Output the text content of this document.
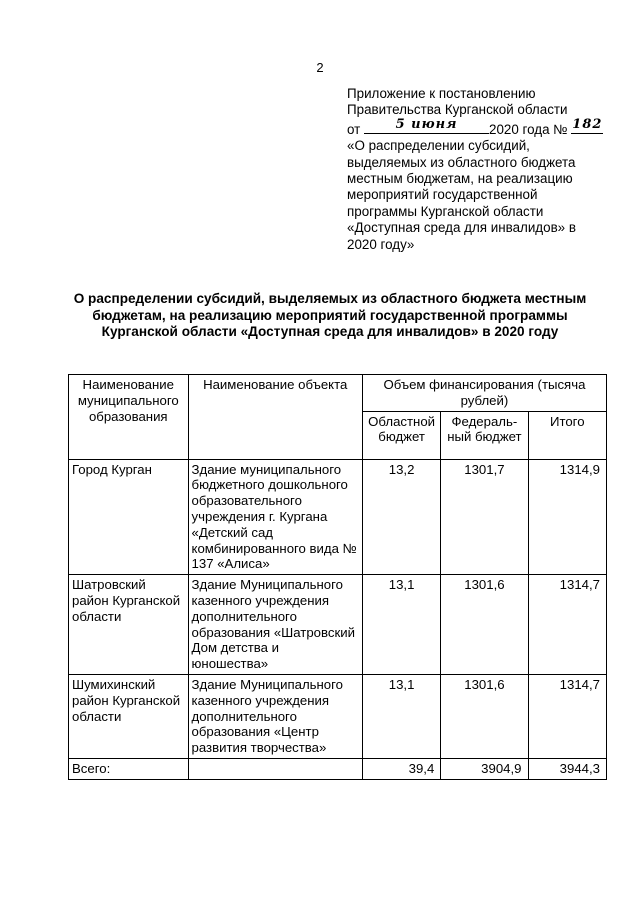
2
Приложение к постановлению
Правительства Курганской области
от	5 июня	2020 года № 182
«О распределении субсидий,
выделяемых из областного бюджета
местным бюджетам, на реализацию
мероприятий государственной
программы Курганской области
«Доступная среда для инвалидов» в
2020 году»
О распределении субсидий, выделяемых из областного бюджета местным
бюджетам, на реализацию мероприятий государственной программы
Курганской области «Доступная среда для инвалидов» в 2020 году
Наименование муниципального образования	Наименование объекта	Объем финансирования (тысяча рублей)		
		Областной бюджет	Федераль-ный бюджет	Итого
Город Курган	Здание муниципального бюджетного дошкольного образовательного учреждения г. Кургана «Детский сад комбинированного вида № 137 «Алиса»	13,2	1301,7	1314,9
Шатровский район Курганской области	Здание Муниципального казенного учреждения дополнительного образования «Шатровский Дом детства и юношества»	13,1	1301,6	1314,7
Шумихинский район Курганской области	Здание Муниципального казенного учреждения дополнительного образования «Центр развития творчества»	13,1	1301,6	1314,7
Всего:		39,4	3904,9	3944,3
